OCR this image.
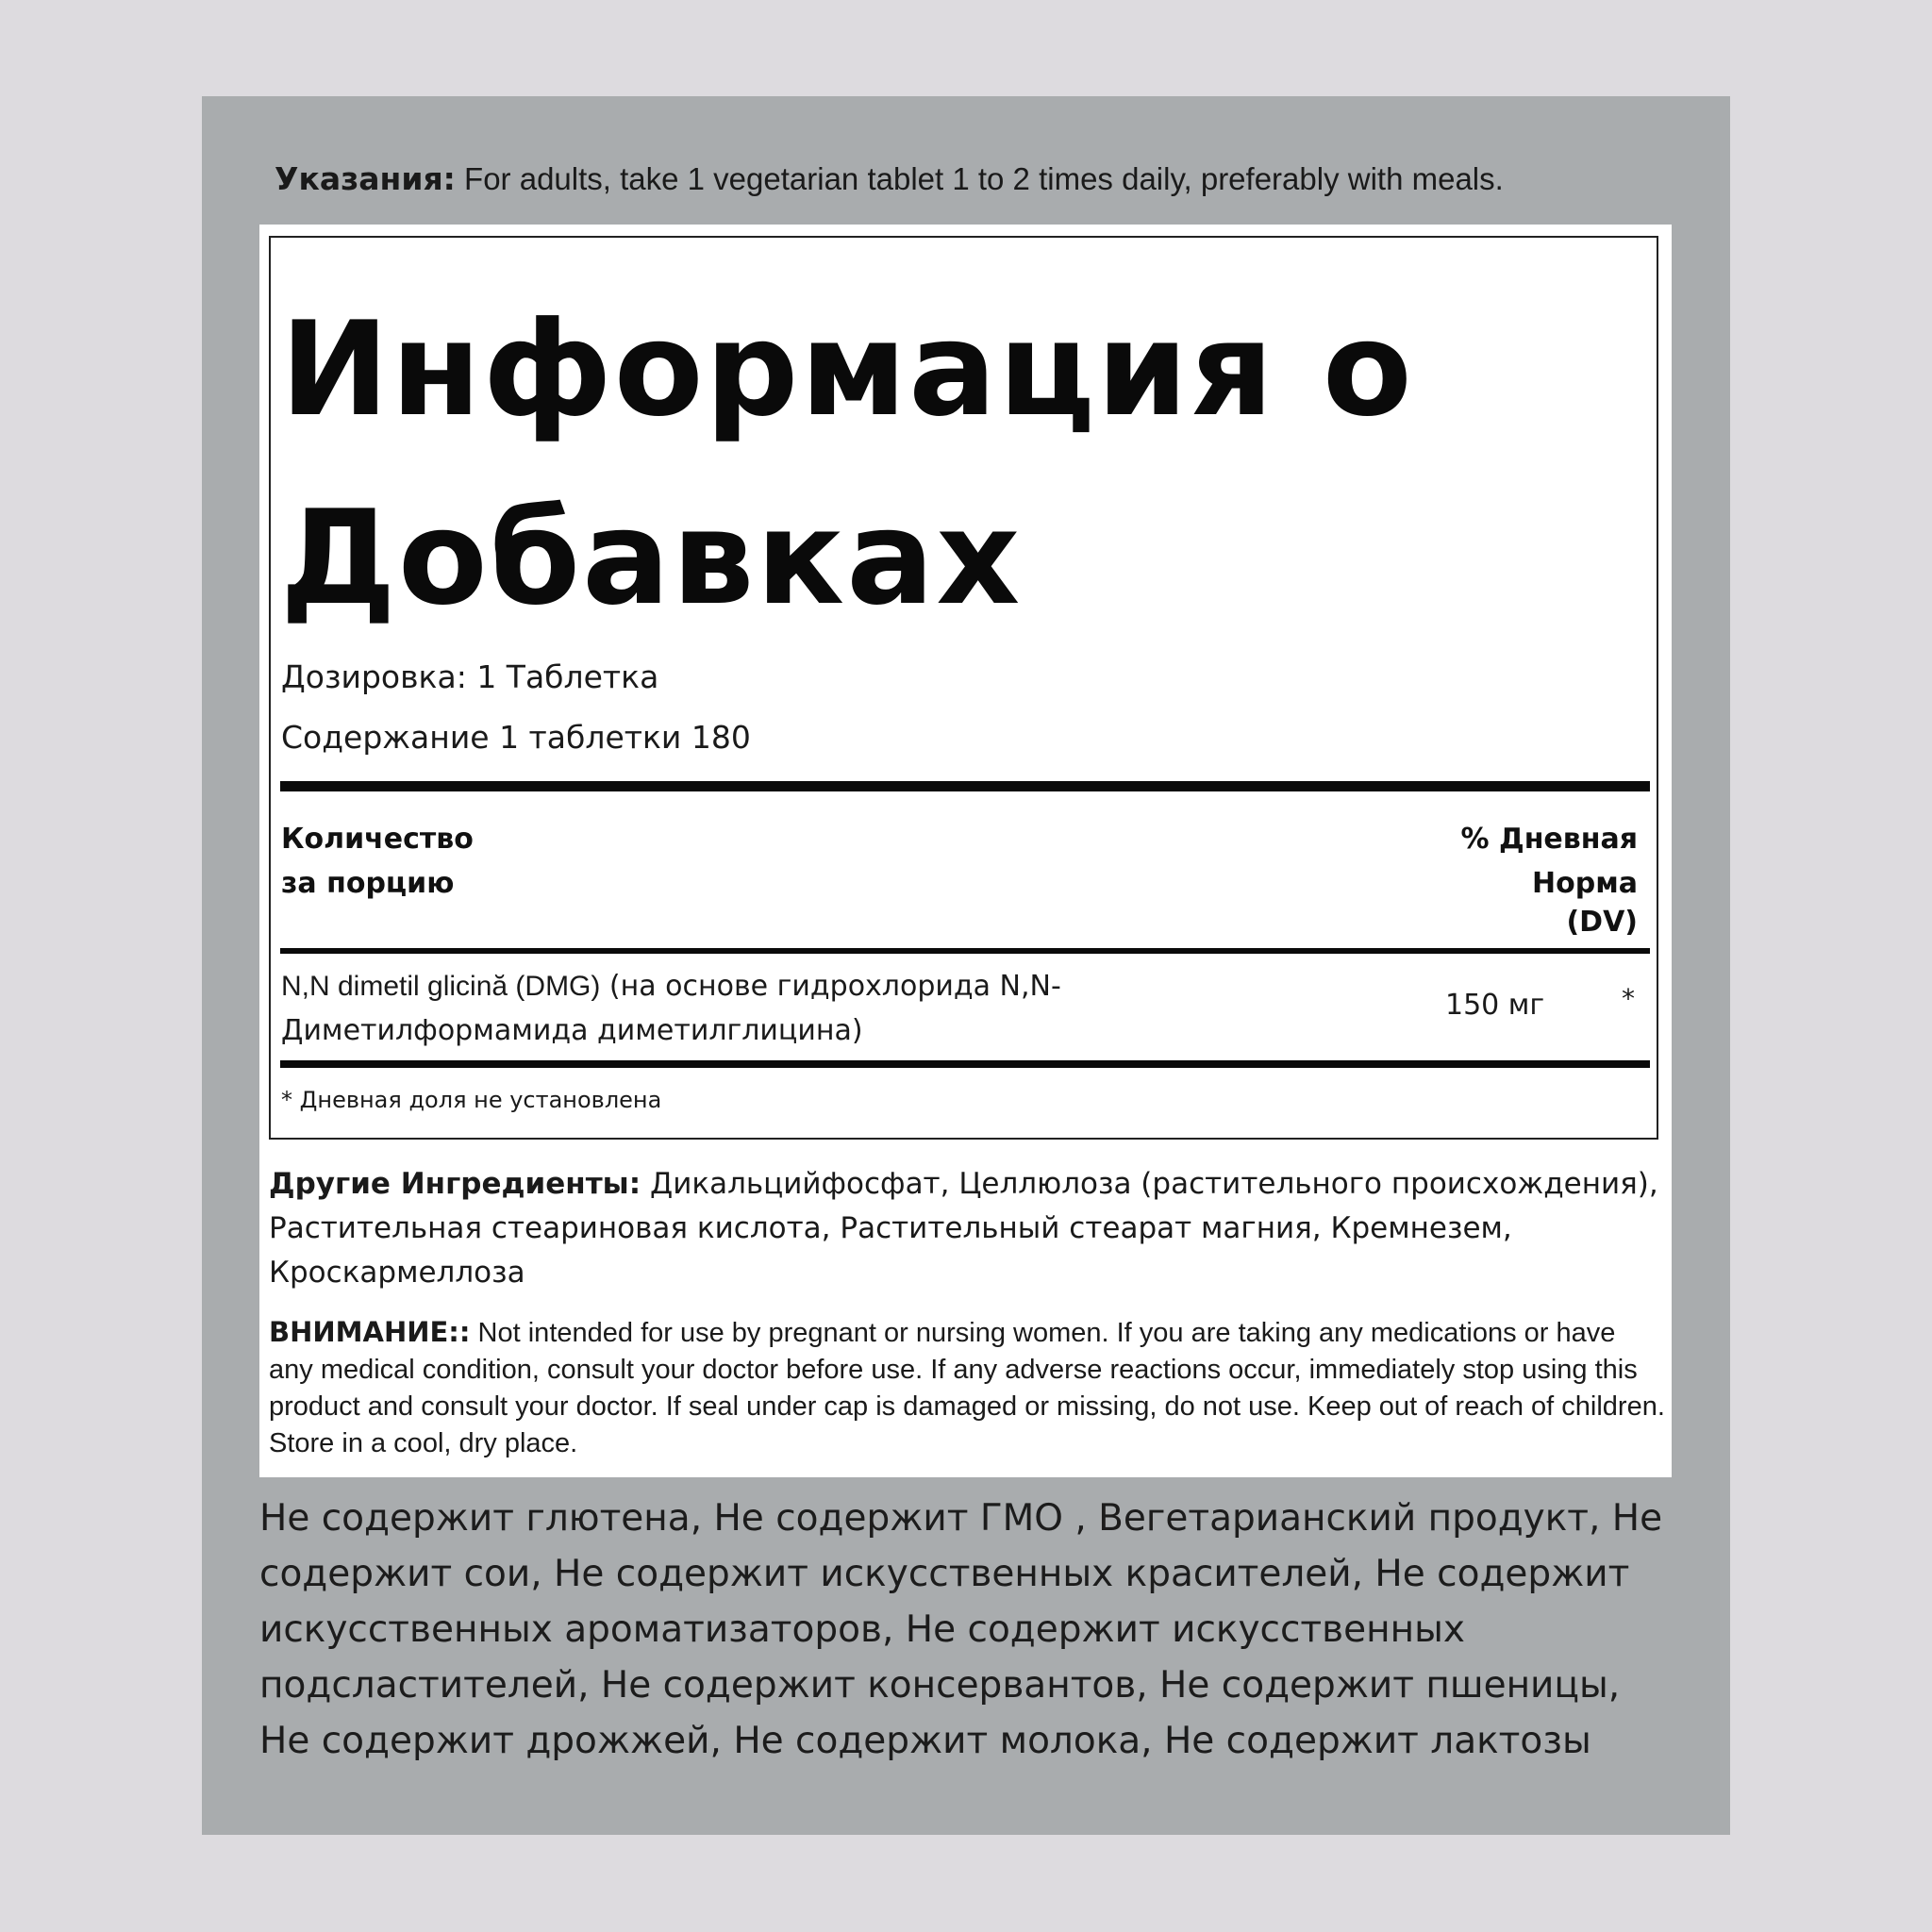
Указания: For adults, take 1 vegetarian tablet 1 to 2 times daily, preferably with meals.
Информация о
Добавках
Дозировка: 1 Таблетка
Содержание 1 таблетки 180
Количество
за порцию
% Дневная
Норма
(DV)
N,N dimetil glicină (DMG) (на основе гидрохлорида N,N-Диметилформамида диметилглицина)
150 мг	*
* Дневная доля не установлена
Другие Ингредиенты: Дикальцийфосфат, Целлюлоза (растительного происхождения), Растительная стеариновая кислота, Растительный стеарат магния, Кремнезем, Кроскармеллоза
ВНИМАНИЕ:: Not intended for use by pregnant or nursing women. If you are taking any medications or have any medical condition, consult your doctor before use. If any adverse reactions occur, immediately stop using this product and consult your doctor. If seal under cap is damaged or missing, do not use. Keep out of reach of children. Store in a cool, dry place.
Не содержит глютена, Не содержит ГМО , Вегетарианский продукт, Не содержит сои, Не содержит искусственных красителей, Не содержит искусственных ароматизаторов, Не содержит искусственных подсластителей, Не содержит консервантов, Не содержит пшеницы, Не содержит дрожжей, Не содержит молока, Не содержит лактозы
